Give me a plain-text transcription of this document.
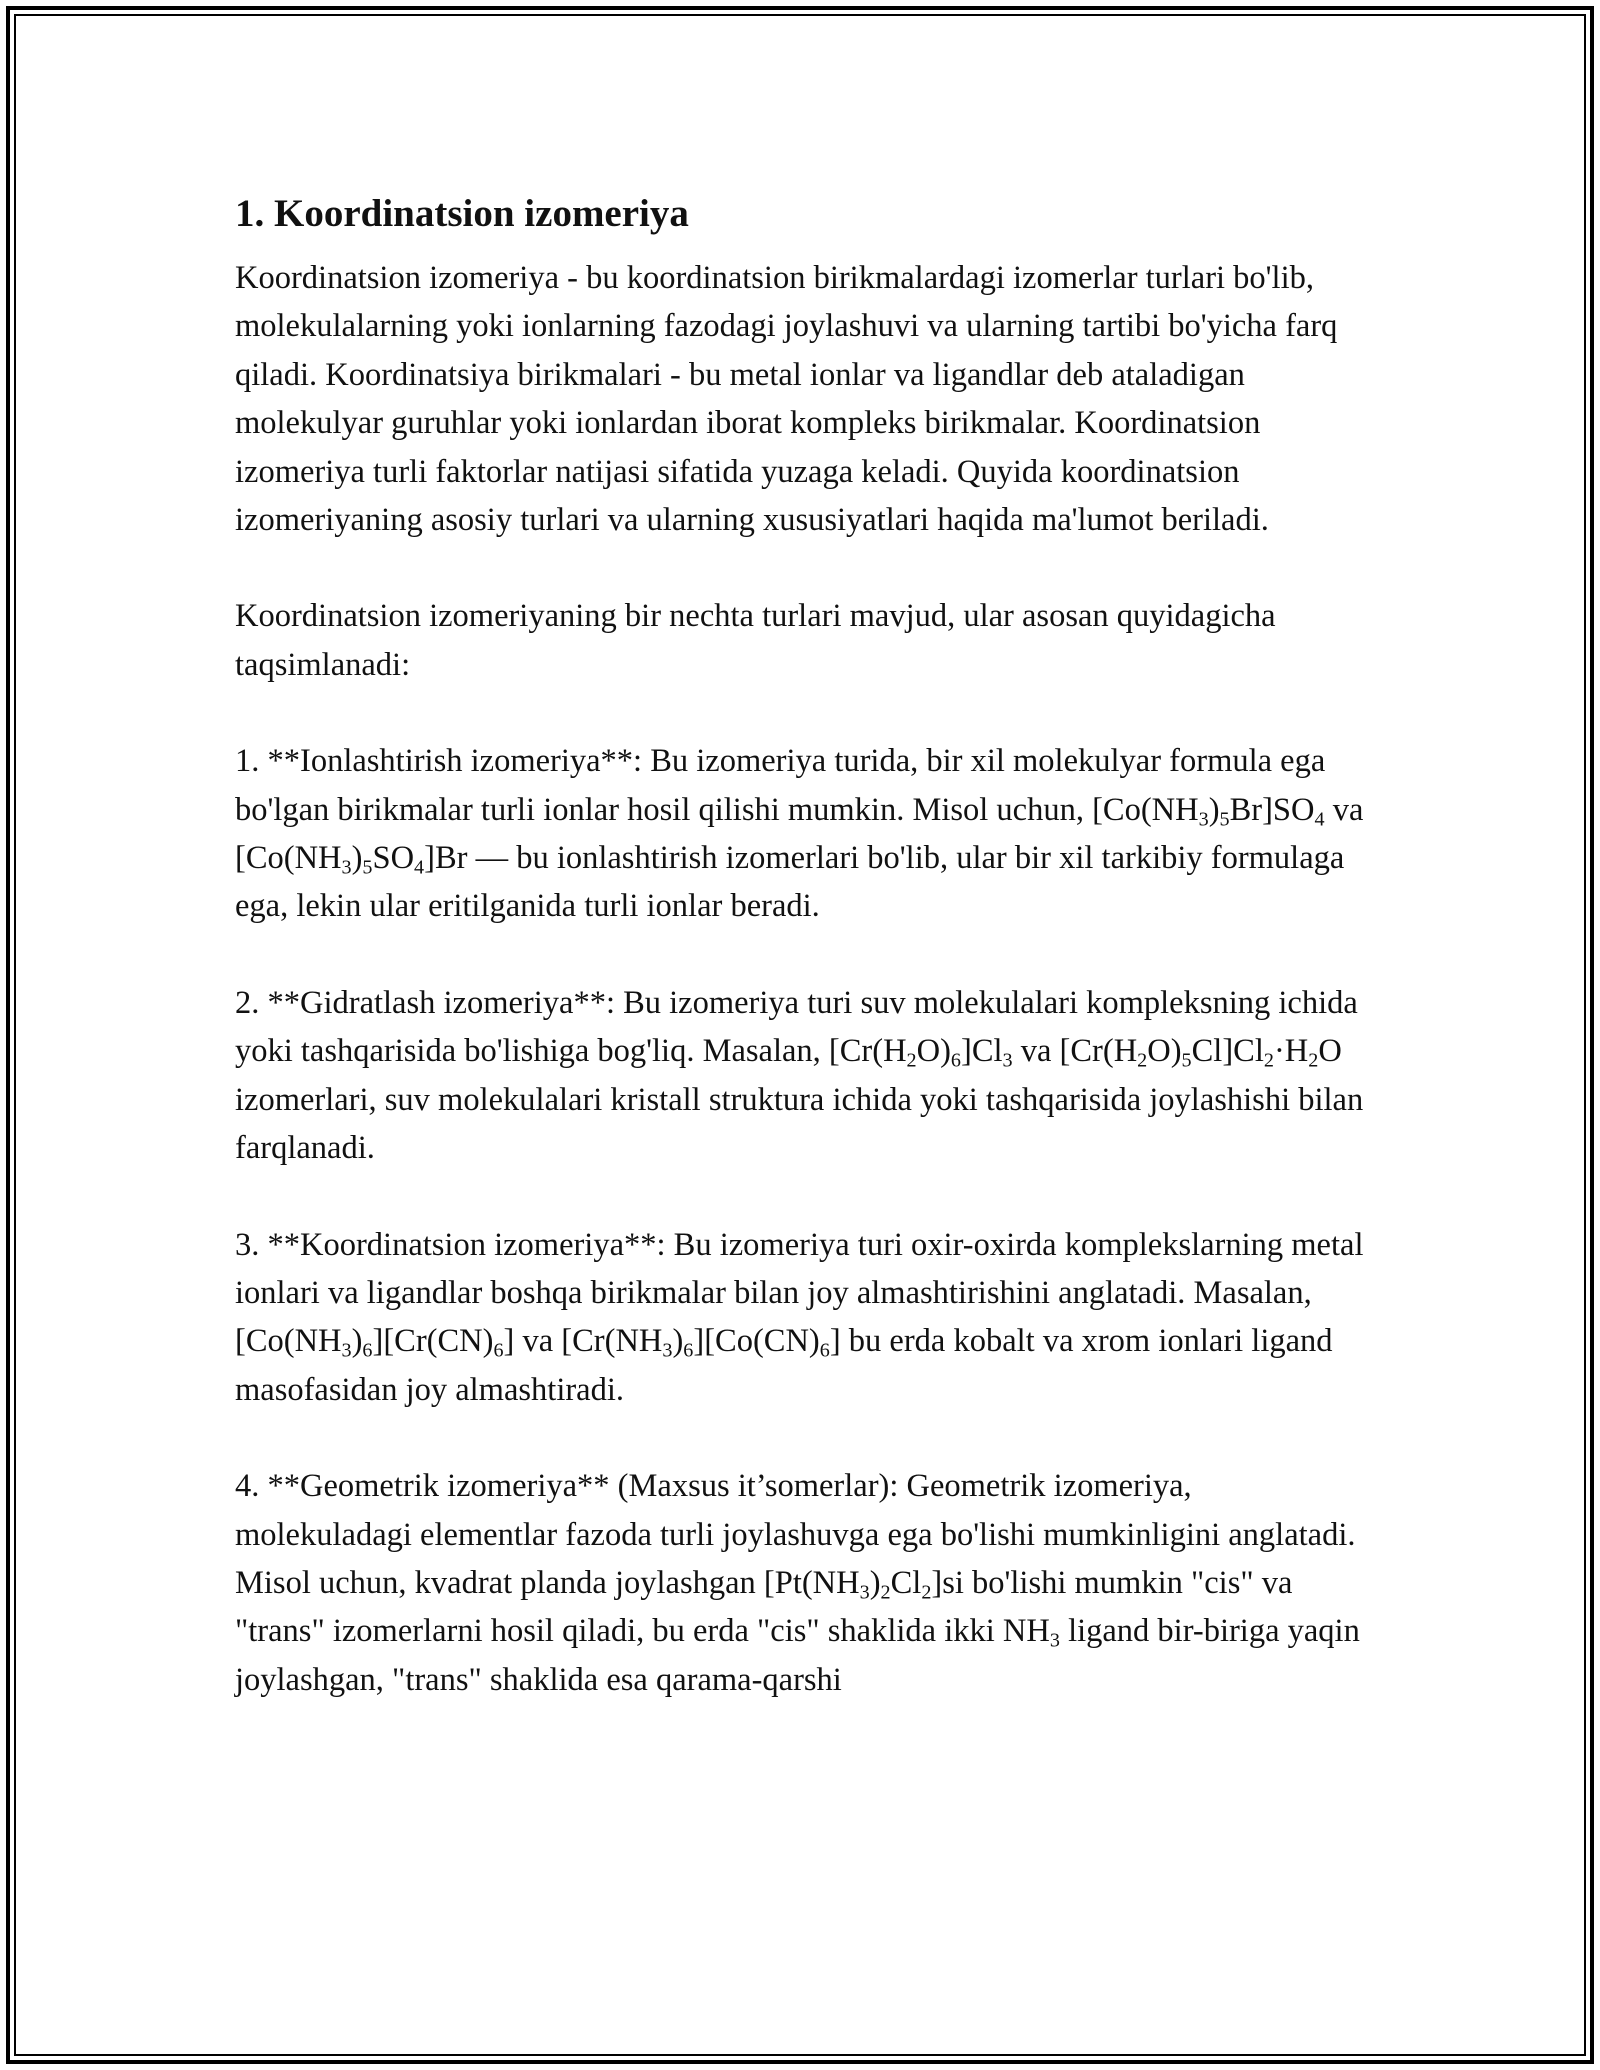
1. Koordinatsion izomeriya

Koordinatsion izomeriya - bu koordinatsion birikmalardagi izomerlar turlari bo'lib, molekulalarning yoki ionlarning fazodagi joylashuvi va ularning tartibi bo'yicha farq qiladi. Koordinatsiya birikmalari - bu metal ionlar va ligandlar deb ataladigan molekulyar guruhlar yoki ionlardan iborat kompleks birikmalar. Koordinatsion izomeriya turli faktorlar natijasi sifatida yuzaga keladi. Quyida koordinatsion izomeriyaning asosiy turlari va ularning xususiyatlari haqida ma'lumot beriladi.

Koordinatsion izomeriyaning bir nechta turlari mavjud, ular asosan quyidagicha taqsimlanadi:

1. **Ionlashtirish izomeriya**: Bu izomeriya turida, bir xil molekulyar formula ega bo'lgan birikmalar turli ionlar hosil qilishi mumkin. Misol uchun, $[Co(NH_3)_5Br]SO_4$ va $[Co(NH_3)_5SO_4]Br$ — bu ionlashtirish izomerlari bo'lib, ular bir xil tarkibiy formulaga ega, lekin ular eritilganida turli ionlar beradi.

2. **Gidratlash izomeriya**: Bu izomeriya turi suv molekulalari kompleksning ichida yoki tashqarisida bo'lishiga bog'liq. Masalan, $[Cr(H_2O)_6]Cl_3$ va $[Cr(H_2O)_5Cl]Cl_2\cdot H_2O$ izomerlari, suv molekulalari kristall struktura ichida yoki tashqarisida joylashishi bilan farqlanadi.

3. **Koordinatsion izomeriya**: Bu izomeriya turi oxir-oxirda komplekslarning metal ionlari va ligandlar boshqa birikmalar bilan joy almashtirishini anglatadi. Masalan, $[Co(NH_3)_6][Cr(CN)_6]$ va $[Cr(NH_3)_6][Co(CN)_6]$ bu erda kobalt va xrom ionlari ligand masofasidan joy almashtiradi.

4. **Geometrik izomeriya** (Maxsus it’somerlar): Geometrik izomeriya, molekuladagi elementlar fazoda turli joylashuvga ega bo'lishi mumkinligini anglatadi. Misol uchun, kvadrat planda joylashgan $[Pt(NH_3)_2Cl_2]si$ bo'lishi mumkin "cis" va "trans" izomerlarni hosil qiladi, bu erda "cis" shaklida ikki $NH_3$ ligand bir-biriga yaqin joylashgan, "trans" shaklida esa qarama-qarshi
